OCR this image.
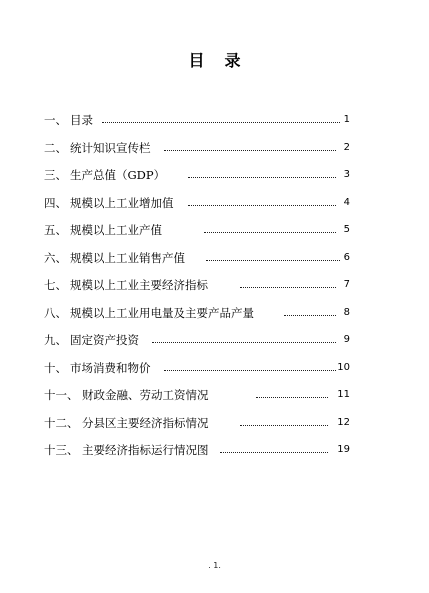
目 录
一、 目录	1
二、 统计知识宣传栏	2
三、 生产总值（GDP）	3
四、 规模以上工业增加值	4
五、 规模以上工业产值	5
六、 规模以上工业销售产值	6
七、 规模以上工业主要经济指标	7
八、 规模以上工业用电量及主要产品产量	8
九、 固定资产投资	9
十、 市场消费和物价	10
十一、 财政金融、劳动工资情况	11
十二、 分县区主要经济指标情况	12
十三、 主要经济指标运行情况图	19
. 1.
